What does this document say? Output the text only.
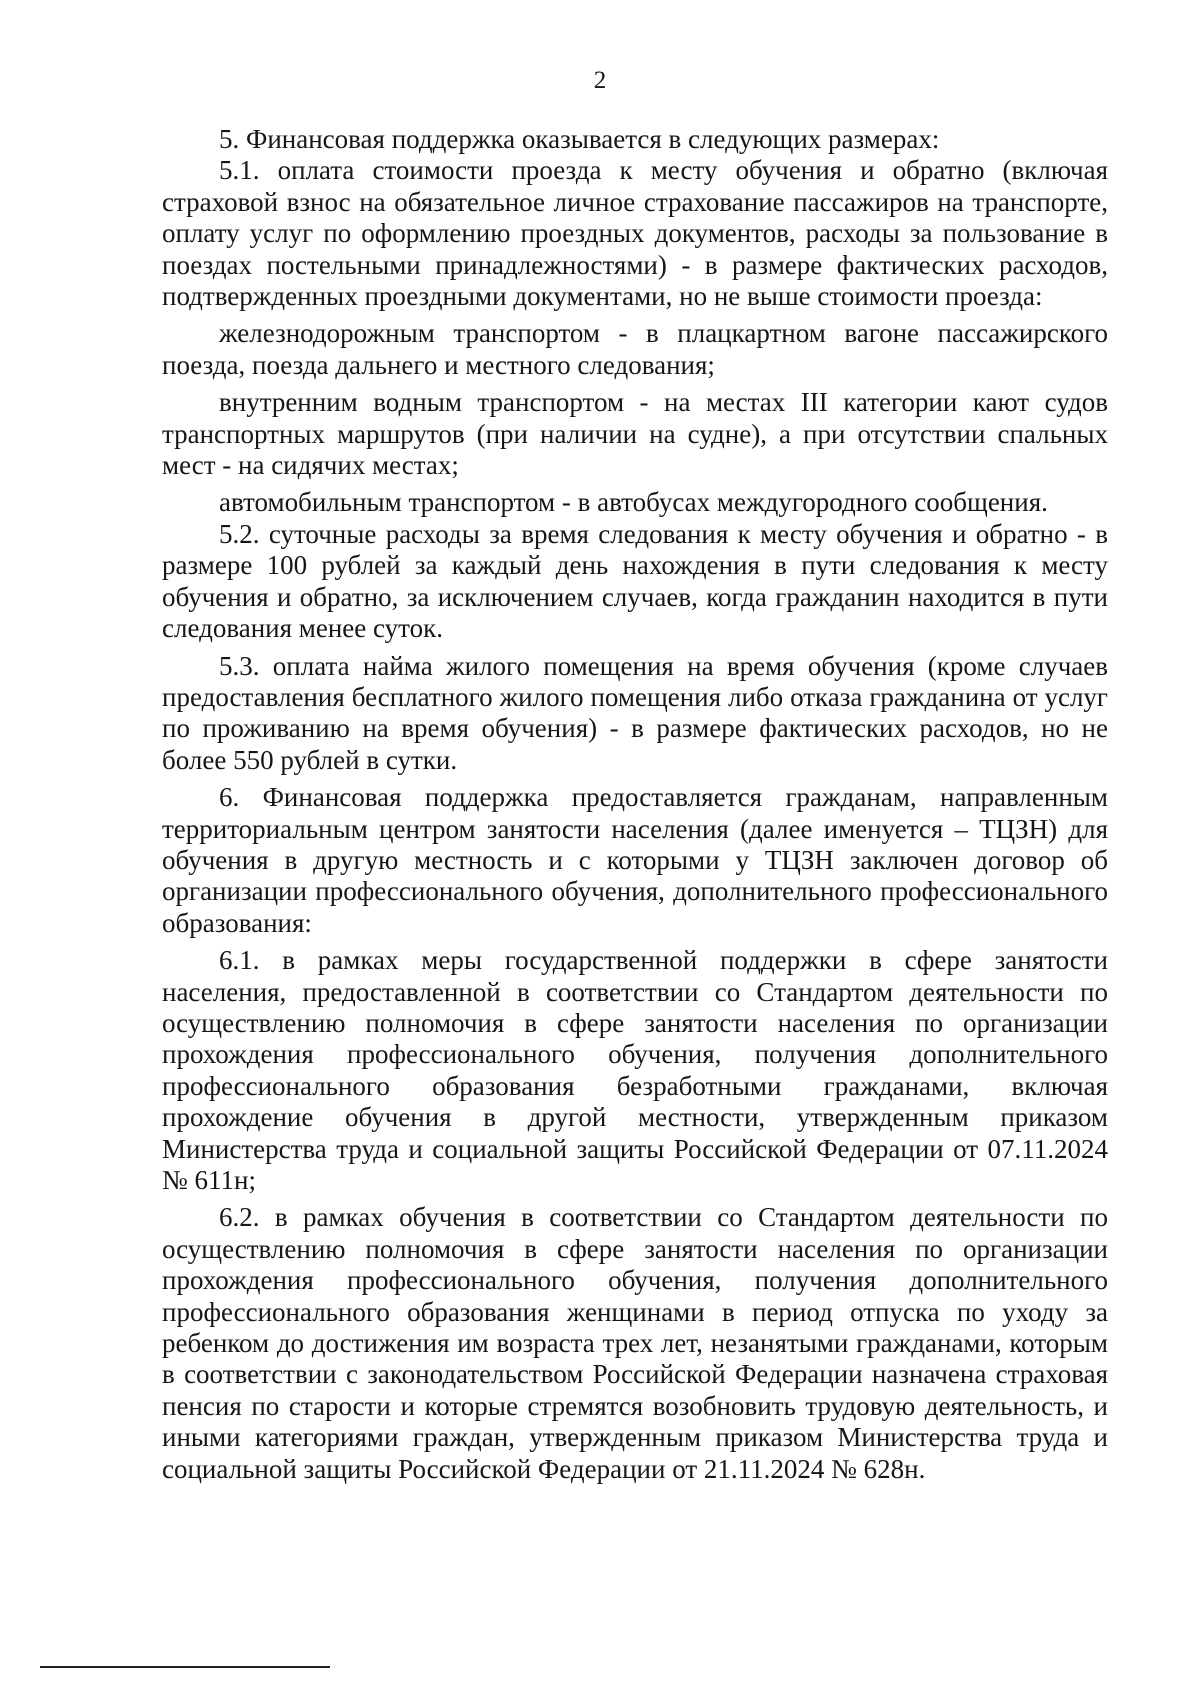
2

5. Финансовая поддержка оказывается в следующих размерах:

5.1. оплата стоимости проезда к месту обучения и обратно (включая страховой взнос на обязательное личное страхование пассажиров на транспорте, оплату услуг по оформлению проездных документов, расходы за пользование в поездах постельными принадлежностями) - в размере фактических расходов, подтвержденных проездными документами, но не выше стоимости проезда:

железнодорожным транспортом - в плацкартном вагоне пассажирского поезда, поезда дальнего и местного следования;

внутренним водным транспортом - на местах III категории кают судов транспортных маршрутов (при наличии на судне), а при отсутствии спальных мест - на сидячих местах;

автомобильным транспортом - в автобусах междугородного сообщения.

5.2. суточные расходы за время следования к месту обучения и обратно - в размере 100 рублей за каждый день нахождения в пути следования к месту обучения и обратно, за исключением случаев, когда гражданин находится в пути следования менее суток.

5.3. оплата найма жилого помещения на время обучения (кроме случаев предоставления бесплатного жилого помещения либо отказа гражданина от услуг по проживанию на время обучения) - в размере фактических расходов, но не более 550 рублей в сутки.

6. Финансовая поддержка предоставляется гражданам, направленным территориальным центром занятости населения (далее именуется – ТЦЗН) для обучения в другую местность и с которыми у ТЦЗН заключен договор об организации профессионального обучения, дополнительного профессионального образования:

6.1. в рамках меры государственной поддержки в сфере занятости населения, предоставленной в соответствии со Стандартом деятельности по осуществлению полномочия в сфере занятости населения по организации прохождения профессионального обучения, получения дополнительного профессионального образования безработными гражданами, включая прохождение обучения в другой местности, утвержденным приказом Министерства труда и социальной защиты Российской Федерации от 07.11.2024 № 611н;

6.2. в рамках обучения в соответствии со Стандартом деятельности по осуществлению полномочия в сфере занятости населения по организации прохождения профессионального обучения, получения дополнительного профессионального образования женщинами в период отпуска по уходу за ребенком до достижения им возраста трех лет, незанятыми гражданами, которым в соответствии с законодательством Российской Федерации назначена страховая пенсия по старости и которые стремятся возобновить трудовую деятельность, и иными категориями граждан, утвержденным приказом Министерства труда и социальной защиты Российской Федерации от 21.11.2024 № 628н.
